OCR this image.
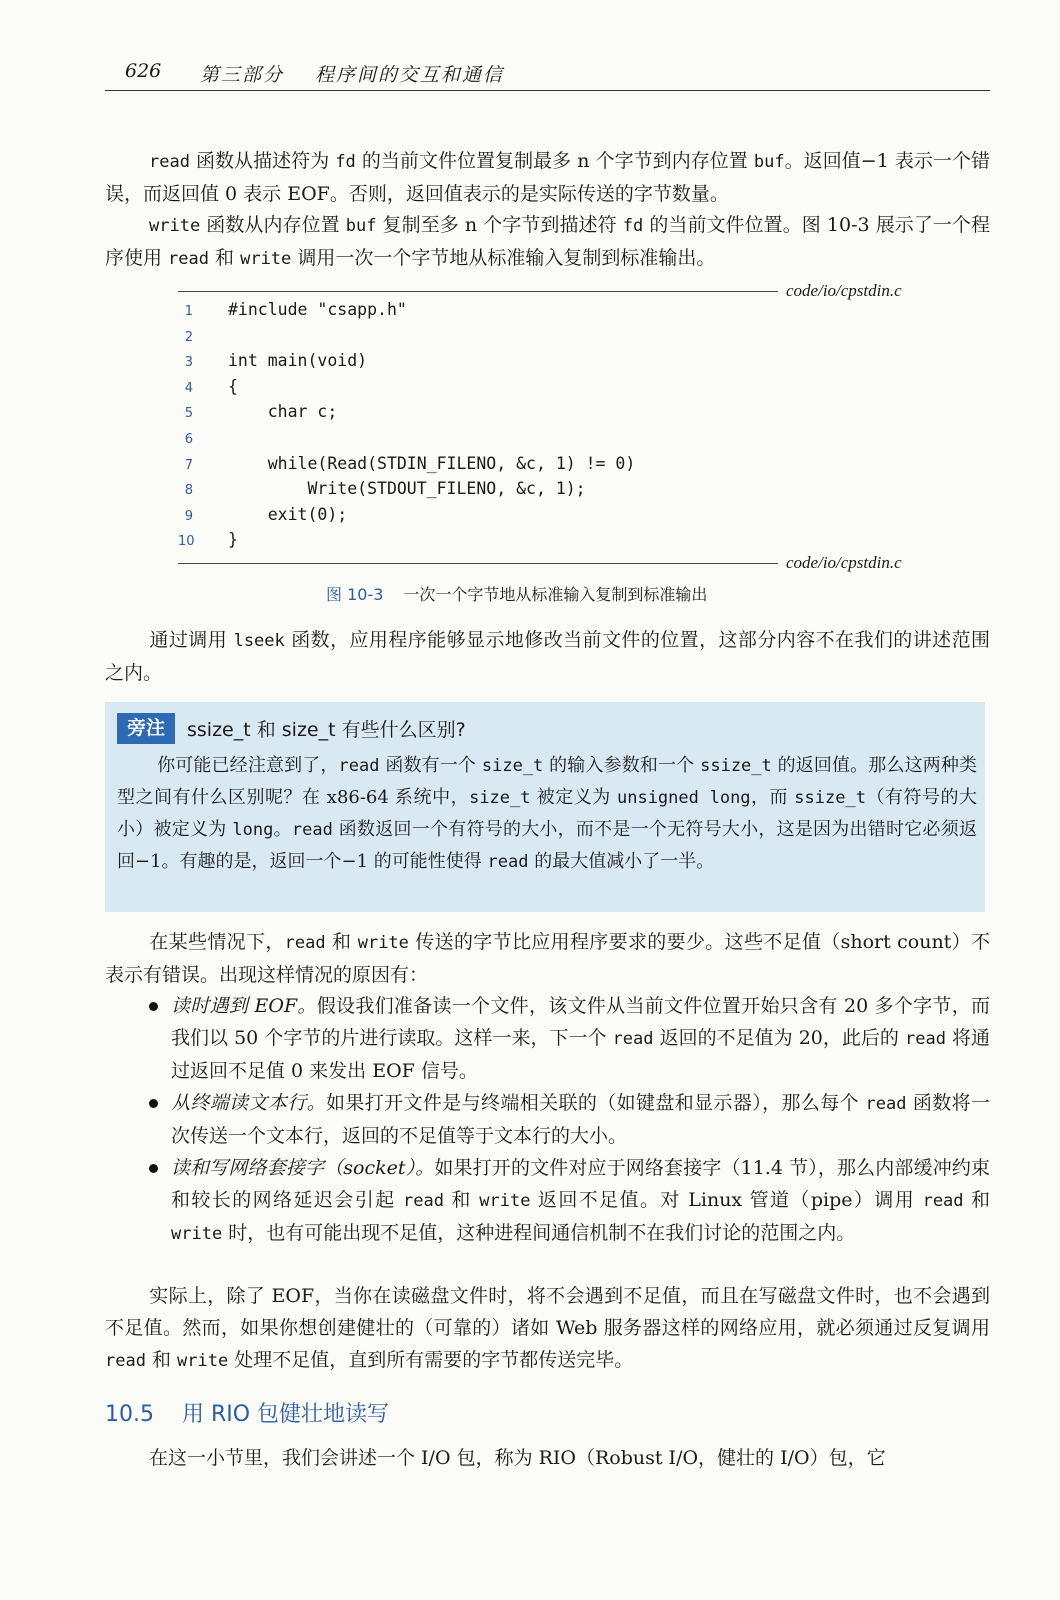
626 第三部分 程序间的交互和通信

read 函数从描述符为 fd 的当前文件位置复制最多 n 个字节到内存位置 buf。返回值−1 表示一个错误，而返回值 0 表示 EOF。否则，返回值表示的是实际传送的字节数量。

write 函数从内存位置 buf 复制至多 n 个字节到描述符 fd 的当前文件位置。图 10-3 展示了一个程序使用 read 和 write 调用一次一个字节地从标准输入复制到标准输出。

code/io/cpstdin.c
1 #include "csapp.h"
2
3 int main(void)
4 {
5 char c;
6
7 while(Read(STDIN_FILENO, &c, 1) != 0)
8 Write(STDOUT_FILENO, &c, 1);
9 exit(0);
10 }
code/io/cpstdin.c
图 10-3 一次一个字节地从标准输入复制到标准输出

通过调用 lseek 函数，应用程序能够显示地修改当前文件的位置，这部分内容不在我们的讲述范围之内。

旁注	ssize_t 和 size_t 有些什么区别?

你可能已经注意到了，read 函数有一个 size_t 的输入参数和一个 ssize_t 的返回值。那么这两种类型之间有什么区别呢？在 x86-64 系统中，size_t 被定义为 unsigned long，而 ssize_t（有符号的大小）被定义为 long。read 函数返回一个有符号的大小，而不是一个无符号大小，这是因为出错时它必须返回−1。有趣的是，返回一个−1 的可能性使得 read 的最大值减小了一半。

在某些情况下，read 和 write 传送的字节比应用程序要求的要少。这些不足值（short count）不表示有错误。出现这样情况的原因有：

读时遇到 EOF。假设我们准备读一个文件，该文件从当前文件位置开始只含有 20 多个字节，而我们以 50 个字节的片进行读取。这样一来，下一个 read 返回的不足值为 20，此后的 read 将通过返回不足值 0 来发出 EOF 信号。
从终端读文本行。如果打开文件是与终端相关联的（如键盘和显示器），那么每个 read 函数将一次传送一个文本行，返回的不足值等于文本行的大小。
读和写网络套接字（socket）。如果打开的文件对应于网络套接字（11.4 节），那么内部缓冲约束和较长的网络延迟会引起 read 和 write 返回不足值。对 Linux 管道（pipe）调用 read 和 write 时，也有可能出现不足值，这种进程间通信机制不在我们讨论的范围之内。

实际上，除了 EOF，当你在读磁盘文件时，将不会遇到不足值，而且在写磁盘文件时，也不会遇到不足值。然而，如果你想创建健壮的（可靠的）诸如 Web 服务器这样的网络应用，就必须通过反复调用 read 和 write 处理不足值，直到所有需要的字节都传送完毕。

10.5 用 RIO 包健壮地读写

在这一小节里，我们会讲述一个 I/O 包，称为 RIO（Robust I/O，健壮的 I/O）包，它
